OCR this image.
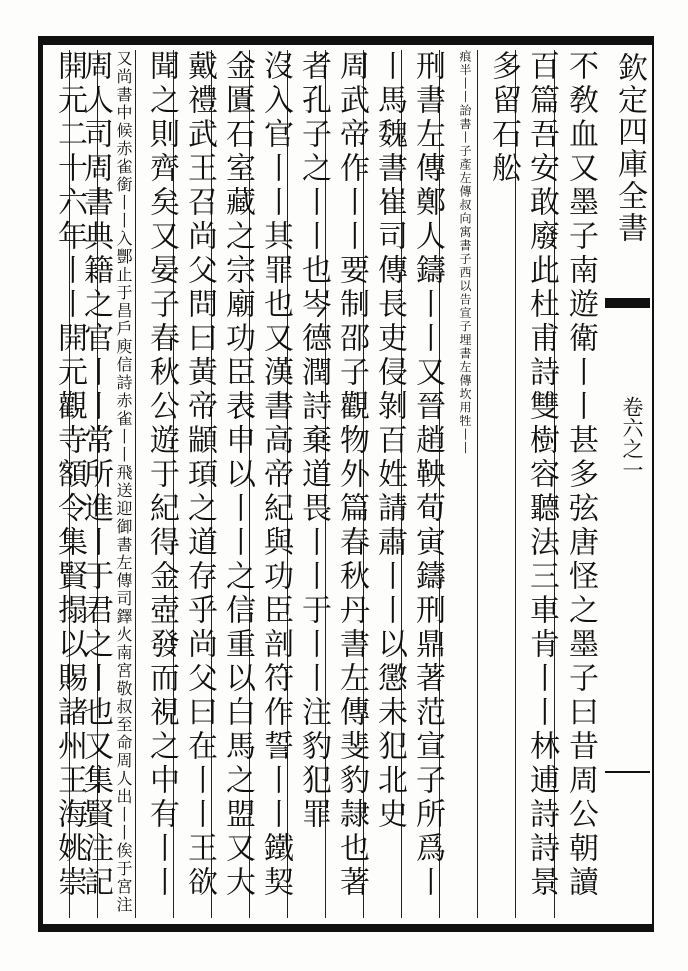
欽定四庫全書
卷六之一
不敎血又墨子南遊衛丨丨甚多弦唐怪之墨子曰昔周公朝讀
百篇吾安敢廢此杜甫詩雙樹容聽法三車肯丨丨林逋詩詩景
多留石舩
痕半丨丨詒書丨子產左傳叔向寓書子西以告宣子埋書左傳坎用牲丨丨
刑書左傳鄭人鑄丨丨又晉趙鞅荀寅鑄刑鼎著范宣子所爲丨
丨馬魏書崔司傳長吏侵剝百姓請肅丨丨以懲未犯北史
周武帝作丨丨要制邵子觀物外篇春秋丹書左傳斐豹隷也著
者孔子之丨丨也岑德潤詩棄道畏丨丨于丨丨注豹犯罪
沒入官丨丨其罪也又漢書高帝紀與功臣剖符作誓丨丨鐵契
金匱石室藏之宗廟功臣表申以丨丨之信重以白馬之盟又大
戴禮武王召尚父問曰黃帝顓頊之道存乎尚父曰在丨丨王欲
聞之則齊矣又晏子春秋公遊于紀得金壺發而視之中有丨丨
又尚書中候赤雀銜丨丨入酆止于昌戶庾信詩赤雀丨丨飛送迎御書左傳司鐸火南宮敬叔至命周人出丨丨俟于宮注
周人司周書典籍之官丨丨常所進丨于君之丨也又集賢注記
開元二十六年丨丨開元觀寺額令集賢搨以賜諸州王海姚崇
